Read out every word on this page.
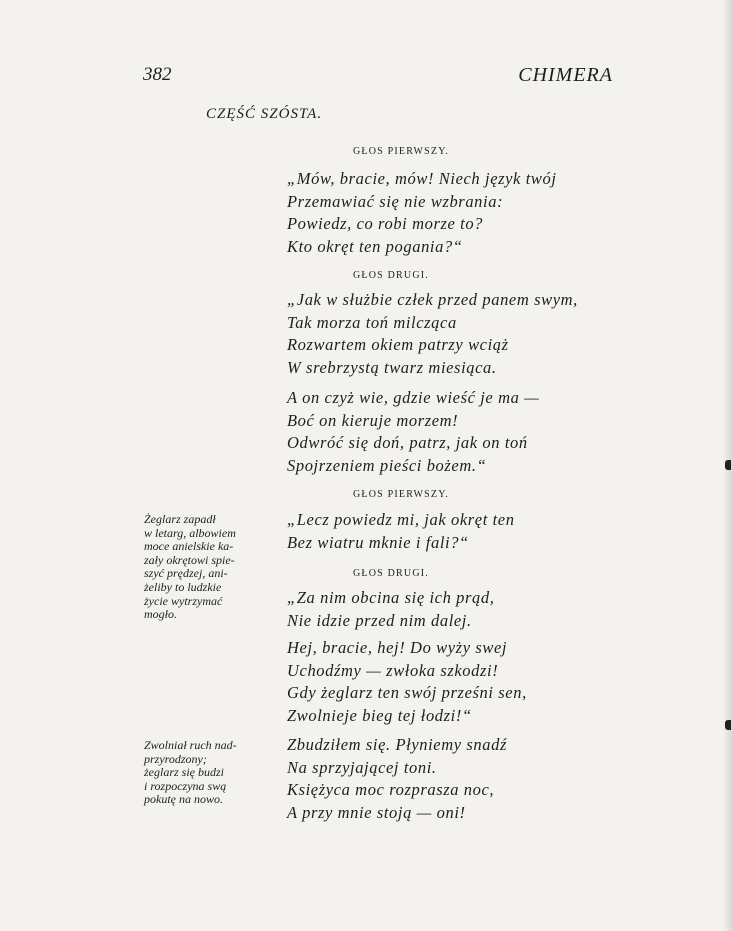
382	CHIMERA
CZĘŚĆ SZÓSTA.
GŁOS PIERWSZY.
„Mów, bracie, mów! Niech język twój
Przemawiać się nie wzbrania:
Powiedz, co robi morze to?
Kto okręt ten pogania?“
GŁOS DRUGI.
„Jak w służbie człek przed panem swym,
Tak morza toń milcząca
Rozwartem okiem patrzy wciąż
W srebrzystą twarz miesiąca.
A on czyż wie, gdzie wieść je ma —
Boć on kieruje morzem!
Odwróć się doń, patrz, jak on toń
Spojrzeniem pieści bożem.“
GŁOS PIERWSZY.
„Lecz powiedz mi, jak okręt ten
Bez wiatru mknie i fali?“
Żeglarz zapadł
w letarg, albowiem
moce anielskie ka-
zały okrętowi spie-
szyć prędzej, ani-
żeliby to ludzkie
życie wytrzymać
mogło.
GŁOS DRUGI.
„Za nim obcina się ich prąd,
Nie idzie przed nim dalej.
Hej, bracie, hej! Do wyży swej
Uchodźmy — zwłoka szkodzi!
Gdy żeglarz ten swój prześni sen,
Zwolnieje bieg tej łodzi!“
Zwolniał ruch nad-
przyrodzony;
żeglarz się budzi
i rozpoczyna swą
pokutę na nowo.
Zbudziłem się. Płyniemy snadź
Na sprzyjającej toni.
Księżyca moc rozprasza noc,
A przy mnie stoją — oni!
